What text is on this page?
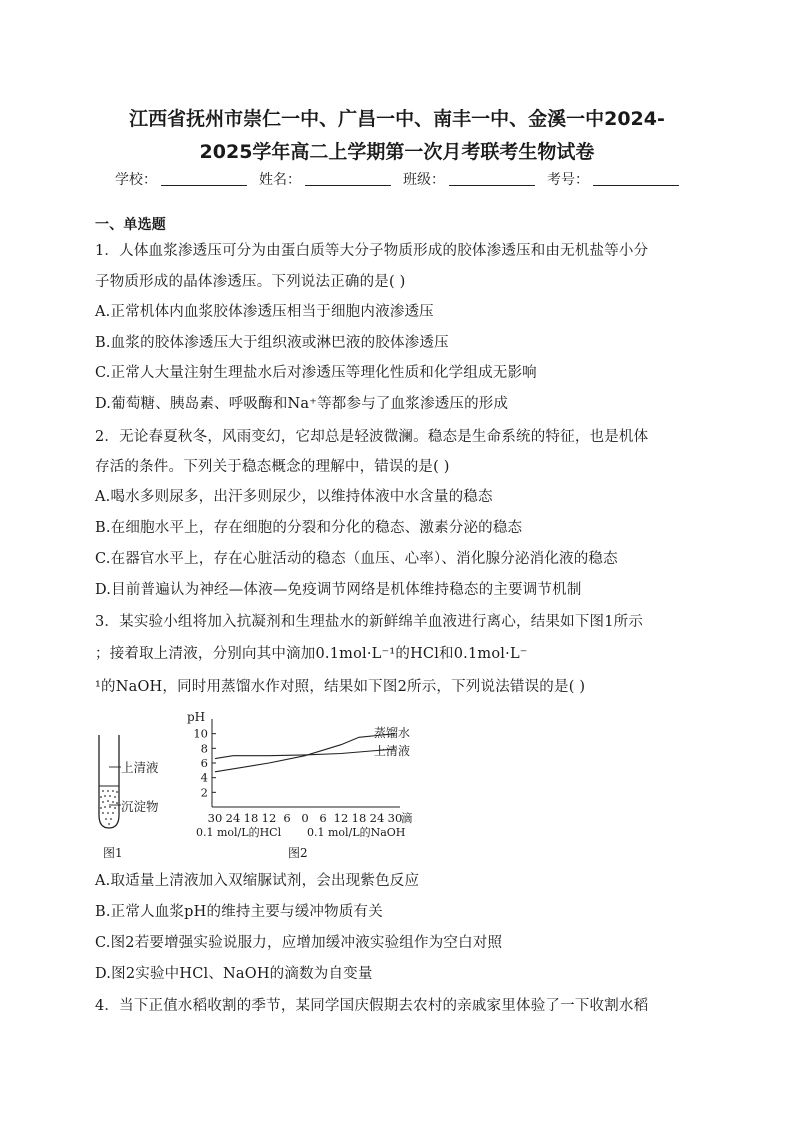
江西省抚州市崇仁一中、广昌一中、南丰一中、金溪一中2024-
2025学年高二上学期第一次月考联考生物试卷
学校：	姓名：	班级：	考号：
一、单选题
1．人体血浆渗透压可分为由蛋白质等大分子物质形成的胶体渗透压和由无机盐等小分
子物质形成的晶体渗透压。下列说法正确的是( )
A.正常机体内血浆胶体渗透压相当于细胞内液渗透压
B.血浆的胶体渗透压大于组织液或淋巴液的胶体渗透压
C.正常人大量注射生理盐水后对渗透压等理化性质和化学组成无影响
D.葡萄糖、胰岛素、呼吸酶和Na⁺等都参与了血浆渗透压的形成
2．无论春夏秋冬，风雨变幻，它却总是轻波微澜。稳态是生命系统的特征，也是机体
存活的条件。下列关于稳态概念的理解中，错误的是( )
A.喝水多则尿多，出汗多则尿少，以维持体液中水含量的稳态
B.在细胞水平上，存在细胞的分裂和分化的稳态、激素分泌的稳态
C.在器官水平上，存在心脏活动的稳态（血压、心率）、消化腺分泌消化液的稳态
D.目前普遍认为神经—体液—免疫调节网络是机体维持稳态的主要调节机制
3．某实验小组将加入抗凝剂和生理盐水的新鲜绵羊血液进行离心，结果如下图1所示
；接着取上清液，分别向其中滴加0.1mol·L⁻¹的HCl和0.1mol·L⁻
¹的NaOH，同时用蒸馏水作对照，结果如下图2所示，下列说法错误的是( )
上清液
沉淀物
图1
pH
10
8
6
4
2
30 24 18 12 6 0 6 12 18 24 30
滴
0.1 mol/L的HCl 0.1 mol/L的NaOH
蒸馏水
上清液
图2
A.取适量上清液加入双缩脲试剂，会出现紫色反应
B.正常人血浆pH的维持主要与缓冲物质有关
C.图2若要增强实验说服力，应增加缓冲液实验组作为空白对照
D.图2实验中HCl、NaOH的滴数为自变量
4．当下正值水稻收割的季节，某同学国庆假期去农村的亲戚家里体验了一下收割水稻
